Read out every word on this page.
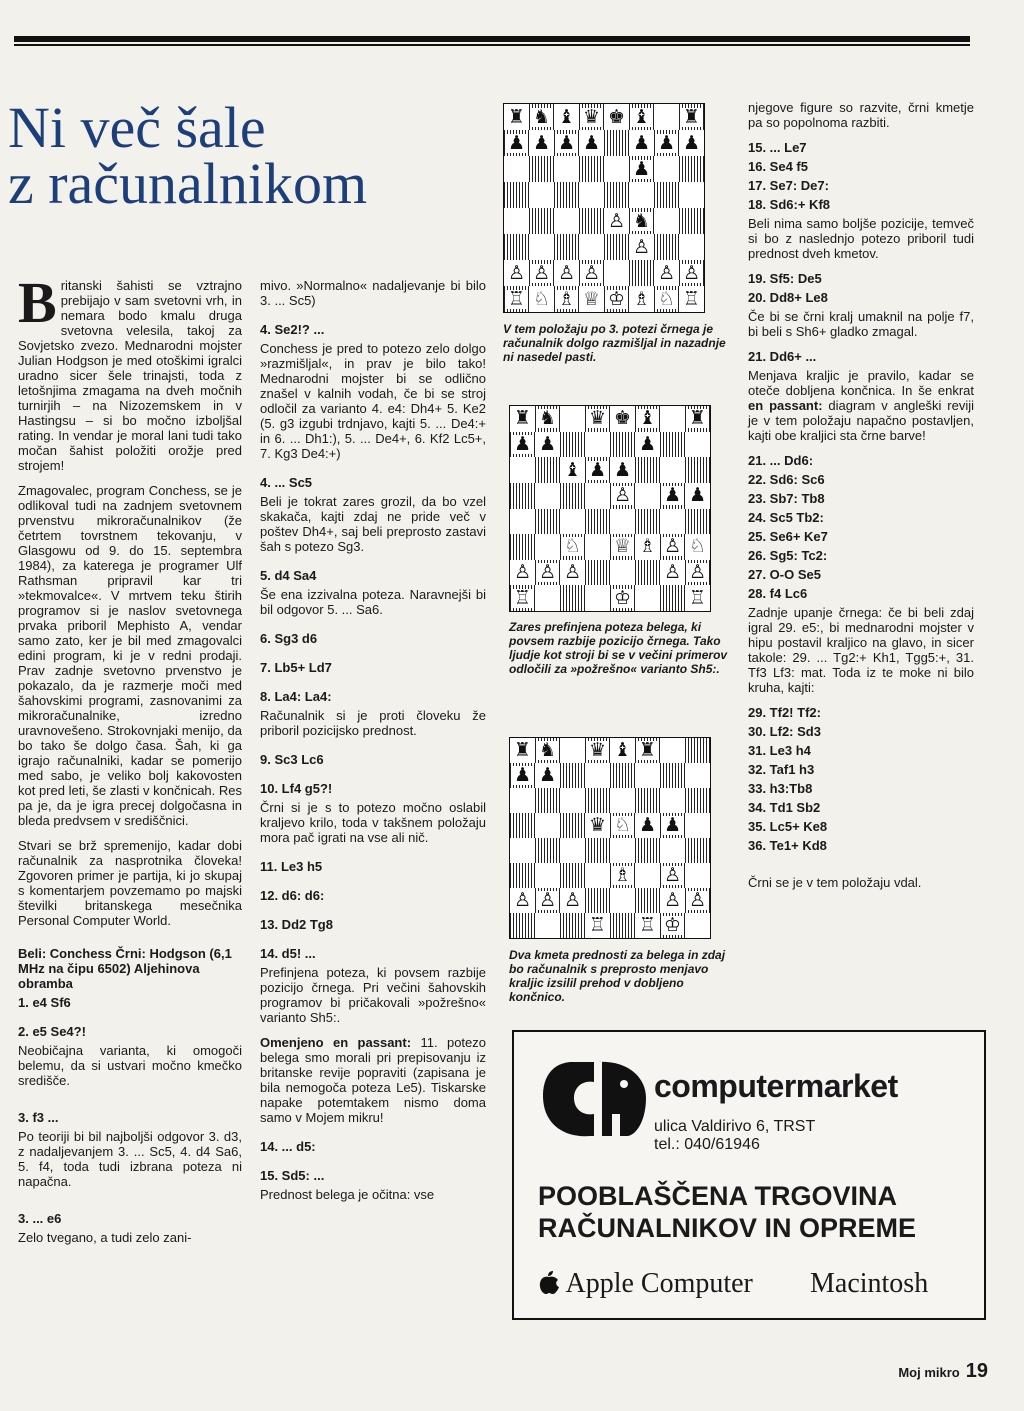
Ni več šale
z računalnikom

Britanski šahisti se vztrajno prebijajo v sam svetovni vrh, in nemara bodo kmalu druga svetovna velesila, takoj za Sovjetsko zvezo. Mednarodni mojster Julian Hodgson je med otoškimi igralci uradno sicer šele trinajsti, toda z letošnjima zmagama na dveh močnih turnirjih – na Nizozemskem in v Hastingsu – si bo močno izboljšal rating. In vendar je moral lani tudi takо močan šahist položiti orožje pred strojem!

Zmagovalec, program Conchess, se je odlikoval tudi na zadnjem svetovnem prvenstvu mikroračunalnikov (že četrtem tovrstnem tekovanju, v Glasgowu od 9. do 15. septembra 1984), za katerega je programer Ulf Rathsman pripravil kar tri »tekmovalce«. V mrtvem teku štirih programov si je naslov svetovnega prvaka priboril Mephisto A, vendar samo zato, ker je bil med zmagovalci edini program, ki je v redni prodaji. Prav zadnje svetovno prvenstvo je pokazalo, da je razmerje moči med šahovskimi programi, zasnovanimi za mikroračunalnike, izredno uravnovešeno. Strokovnjaki menijo, da bo tako še dolgo časa. Šah, ki ga igrajo računalniki, kadar se pomerijo med sabo, je veliko bolj kakovosten kot pred leti, še zlasti v končnicah. Res pa je, da je igra precej dolgočasna in bleda predvsem v središčnici.

Stvari se brž spremenijo, kadar dobi računalnik za nasprotnika človeka! Zgovoren primer je partija, ki jo skupaj s komentarjem povzemamo po majski številki britanskega mesečnika Personal Computer World.

Beli: Conchess Črni: Hodgson (6,1 MHz na čipu 6502) Aljehinova obramba
1. e4 Sf6
2. e5 Se4?!

Neobičajna varianta, ki omogoči belemu, da si ustvari močno kmečko središče.

3. f3 ...

Po teoriji bi bil najboljši odgovor 3. d3, z nadaljevanjem 3. ... Sc5, 4. d4 Sa6, 5. f4, toda tudi izbrana poteza ni napačna.

3. ... e6

Zelo tvegano, a tudi zelo zani-

mivo. »Normalno« nadaljevanje bi bilo 3. ... Sc5)

4. Se2!? ...

Conchess je pred to potezo zelo dolgo »razmišljal«, in prav je bilo tako! Mednarodni mojster bi se odlično znašel v kalnih vodah, če bi se stroj odločil za varianto 4. e4: Dh4+ 5. Ke2 (5. g3 izgubi trdnjavo, kajti 5. ... De4:+ in 6. ... Dh1:), 5. ... De4+, 6. Kf2 Lc5+, 7. Kg3 De4:+)

4. ... Sc5

Beli je tokrat zares grozil, da bo vzel skakača, kajti zdaj ne pride več v poštev Dh4+, saj beli preprosto zastavi šah s potezo Sg3.

5. d4 Sa4

Še ena izzivalna poteza. Naravnejši bi bil odgovor 5. ... Sa6.

6. Sg3 d6
7. Lb5+ Ld7
8. La4: La4:

Računalnik si je proti človeku že priboril pozicijsko prednost.

9. Sc3 Lc6
10. Lf4 g5?!

Črni si je s to potezo močno oslabil kraljevo krilo, toda v takšnem položaju mora pač igrati na vse ali nič.

11. Le3 h5
12. d6: d6:
13. Dd2 Tg8
14. d5! ...

Prefinjena poteza, ki povsem razbije pozicijo črnega. Pri večini šahovskih programov bi pričakovali »požrešno« varianto Sh5:.

Omenjeno en passant: 11. potezo belega smo morali pri prepisovanju iz britanske revije popraviti (zapisana je bila nemogoča poteza Le5). Tiskarske napake potemtakem nismo doma samo v Mojem mikru!

14. ... d5:
15. Sd5: ...

Prednost belega je očitna: vse

♜ ♞ ♝ ♛ ♚ ♝ ♜
♟ ♟ ♟ ♟ ♟ ♟ ♟
♟
♙ ♞
♙
♙ ♙ ♙ ♙	♙ ♙
♖ ♘ ♗ ♕ ♔ ♗ ♘ ♖
V tem položaju po 3. potezi črnega je računalnik dolgo razmišljal in nazadnje ni nasedel pasti.
♜ ♞ ♛ ♚ ♝ ♜
♟ ♟	♟
♝ ♟ ♟
♙ ♟ ♟
♘ ♕ ♗ ♙ ♘
♙ ♙ ♙	♙ ♙
♖	♔	♖
Zares prefinjena poteza belega, ki povsem razbije pozicijo črnega. Tako ljudje kot stroji bi se v večini primerov odločili za »požrešno« varianto Sh5:.
♜ ♞ ♛ ♝ ♜
♟ ♟
♛ ♘ ♟ ♟
♗ ♙
♙ ♙ ♙	♙ ♙
♖ ♖ ♔
Dva kmeta prednosti za belega in zdaj bo računalnik s preprosto menjavo kraljic izsilil prehod v dobljeno končnico.

njegove figure so razvite, črni kmetje pa so popolnoma razbiti.

15. ... Le7
16. Se4 f5
17. Se7: De7:
18. Sd6:+ Kf8

Beli nima samo boljše pozicije, temveč si bo z naslednjo potezo priboril tudi prednost dveh kmetov.

19. Sf5: De5
20. Dd8+ Le8

Če bi se črni kralj umaknil na polje f7, bi beli s Sh6+ gladko zmagal.

21. Dd6+ ...

Menjava kraljic je pravilo, kadar se oteče dobljena končnica. In še enkrat en passant: diagram v angleški reviji je v tem položaju napačno postavljen, kajti obe kraljici sta črne barve!

21. ... Dd6:
22. Sd6: Sc6
23. Sb7: Tb8
24. Sc5 Tb2:
25. Se6+ Ke7
26. Sg5: Tc2:
27. O-O Se5
28. f4 Lc6

Zadnje upanje črnega: če bi beli zdaj igral 29. e5:, bi mednarodni mojster v hipu postavil kraljico na glavo, in sicer takole: 29. ... Tg2:+ Kh1, Tgg5:+, 31. Tf3 Lf3: mat. Toda iz te moke ni bilo kruha, kajti:

29. Tf2! Tf2:
30. Lf2: Sd3
31. Le3 h4
32. Taf1 h3
33. h3:Tb8
34. Td1 Sb2
35. Lc5+ Ke8
36. Te1+ Kd8

Črni se je v tem položaju vdal.

computermarket
ulica Valdirivo 6, TRST
tel.: 040/61946
POOBLAŠČENA TRGOVINA
RAČUNALNIKOV IN OPREME
Apple Computer Macintosh
Moj mikro 19
